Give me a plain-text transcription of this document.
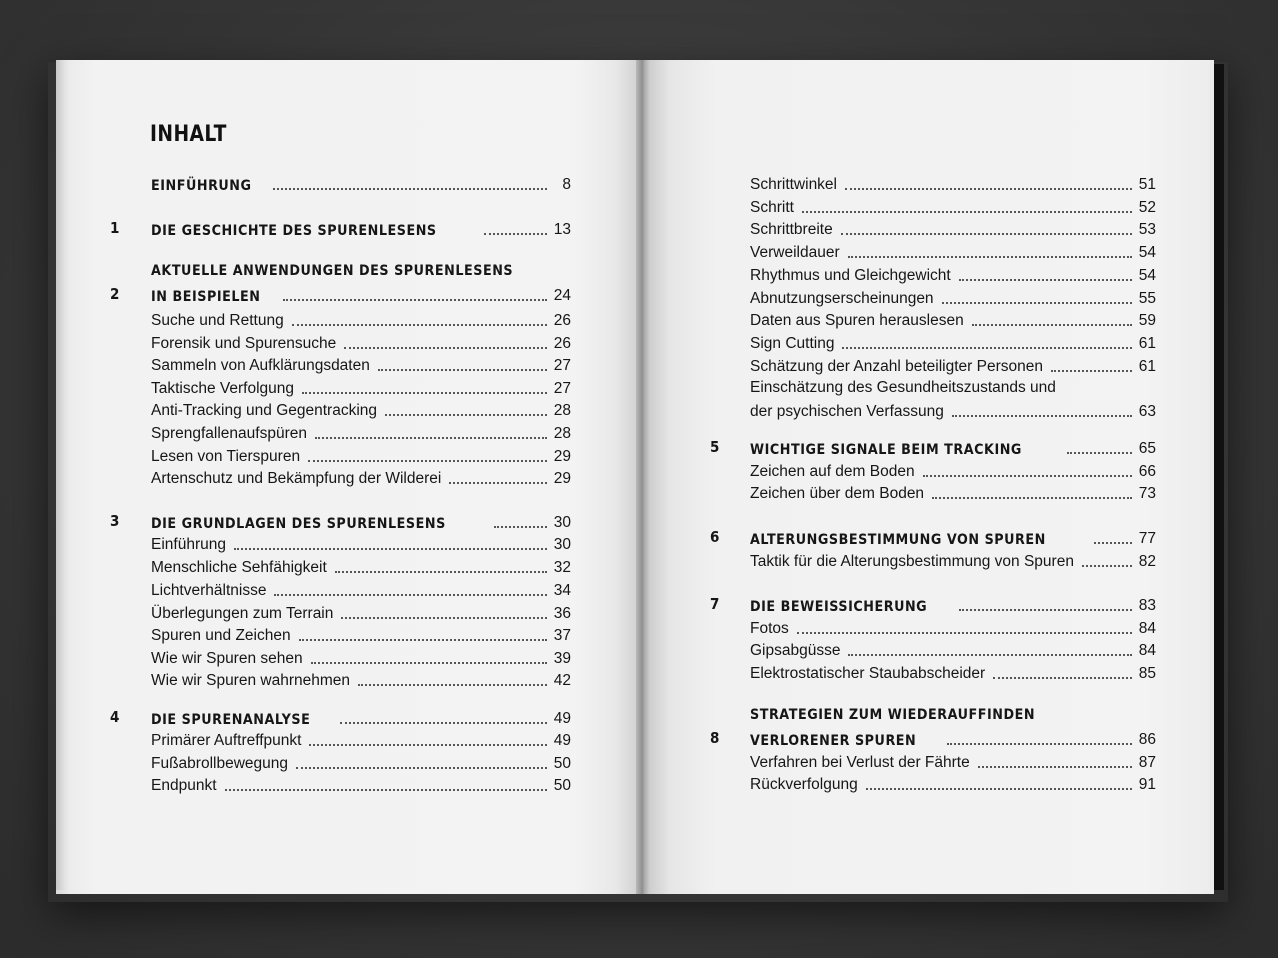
INHALT
EINFÜHRUNG	8
1	DIE GESCHICHTE DES SPURENLESENS	13
AKTUELLE ANWENDUNGEN DES SPURENLESENS
2	IN BEISPIELEN	24
Suche und Rettung	26
Forensik und Spurensuche	26
Sammeln von Aufklärungsdaten	27
Taktische Verfolgung	27
Anti-Tracking und Gegentracking	28
Sprengfallenaufspüren	28
Lesen von Tierspuren	29
Artenschutz und Bekämpfung der Wilderei	29
3	DIE GRUNDLAGEN DES SPURENLESENS	30
Einführung	30
Menschliche Sehfähigkeit	32
Lichtverhältnisse	34
Überlegungen zum Terrain	36
Spuren und Zeichen	37
Wie wir Spuren sehen	39
Wie wir Spuren wahrnehmen	42
4	DIE SPURENANALYSE	49
Primärer Auftreffpunkt	49
Fußabrollbewegung	50
Endpunkt	50
Schrittwinkel	51
Schritt	52
Schrittbreite	53
Verweildauer	54
Rhythmus und Gleichgewicht	54
Abnutzungserscheinungen	55
Daten aus Spuren herauslesen	59
Sign Cutting	61
Schätzung der Anzahl beteiligter Personen	61
Einschätzung des Gesundheitszustands und
der psychischen Verfassung	63
5	WICHTIGE SIGNALE BEIM TRACKING	65
Zeichen auf dem Boden	66
Zeichen über dem Boden	73
6	ALTERUNGSBESTIMMUNG VON SPUREN	77
Taktik für die Alterungsbestimmung von Spuren	82
7	DIE BEWEISSICHERUNG	83
Fotos	84
Gipsabgüsse	84
Elektrostatischer Staubabscheider	85
STRATEGIEN ZUM WIEDERAUFFINDEN
8	VERLORENER SPUREN	86
Verfahren bei Verlust der Fährte	87
Rückverfolgung	91
